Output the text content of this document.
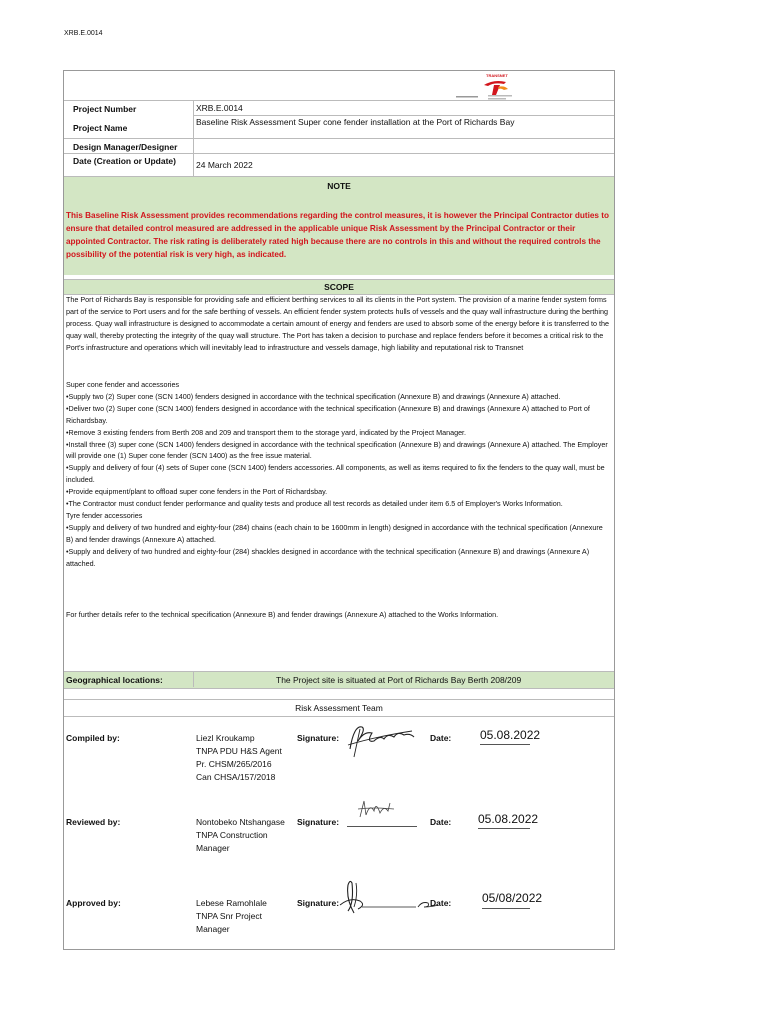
XRB.E.0014
TRANSNET
Project Number	XRB.E.0014
Project Name
Baseline Risk Assessment Super cone fender installation at the Port of Richards Bay
Design Manager/Designer
Date (Creation or Update) 24 March 2022
NOTE
This Baseline Risk Assessment provides recommendations regarding the control measures, it is however the Principal Contractor duties to ensure that detailed control measured are addressed in the applicable unique Risk Assessment by the Principal Contractor or their appointed Contractor. The risk rating is deliberately rated high because there are no controls in this and without the required controls the possibility of the potential risk is very high, as indicated.
SCOPE
The Port of Richards Bay is responsible for providing safe and efficient berthing services to all its clients in the Port system. The provision of a marine fender system forms part of the service to Port users and for the safe berthing of vessels. An efficient fender system protects hulls of vessels and the quay wall infrastructure during the berthing process. Quay wall infrastructure is designed to accommodate a certain amount of energy and fenders are used to absorb some of the energy before it is transferred to the quay wall, thereby protecting the integrity of the quay wall structure. The Port has taken a decision to purchase and replace fenders before it becomes a critical risk to the Port's infrastructure and operations which will inevitably lead to infrastructure and vessels damage, high liability and reputational risk to Transnet

Super cone fender and accessories

•Supply two (2) Super cone (SCN 1400) fenders designed in accordance with the technical specification (Annexure B) and drawings (Annexure A) attached.

•Deliver two (2) Super cone (SCN 1400) fenders designed in accordance with the technical specification (Annexure B) and drawings (Annexure A) attached to Port of Richardsbay.

•Remove 3 existing fenders from Berth 208 and 209 and transport them to the storage yard, indicated by the Project Manager.

•Install three (3) super cone (SCN 1400) fenders designed in accordance with the technical specification (Annexure B) and drawings (Annexure A) attached. The Employer will provide one (1) Super cone fender (SCN 1400) as the free issue material.

•Supply and delivery of four (4) sets of Super cone (SCN 1400) fenders accessories. All components, as well as items required to fix the fenders to the quay wall, must be included.

•Provide equipment/plant to offload super cone fenders in the Port of Richardsbay.

•The Contractor must conduct fender performance and quality tests and produce all test records as detailed under item 6.5 of Employer's Works Information.

Tyre fender accessories

•Supply and delivery of two hundred and eighty-four (284) chains (each chain to be 1600mm in length) designed in accordance with the technical specification (Annexure B) and fender drawings (Annexure A) attached.

•Supply and delivery of two hundred and eighty-four (284) shackles designed in accordance with the technical specification (Annexure B) and drawings (Annexure A) attached.

For further details refer to the technical specification (Annexure B) and fender drawings (Annexure A) attached to the Works Information.
Geographical locations:	The Project site is situated at Port of Richards Bay Berth 208/209
Risk Assessment Team
Compiled by:	Liezl Kroukamp
TNPA PDU H&S Agent
Pr. CHSM/265/2016
Can CHSA/157/2018
Signature:	Date: 05.08.2022
Reviewed by:	Nontobeko Ntshangase
TNPA Construction
Manager
Signature:	Date: 05.08.2022
Approved by:	Lebese Ramohlale
TNPA Snr Project
Manager
Signature:	Date:	05/08/2022
